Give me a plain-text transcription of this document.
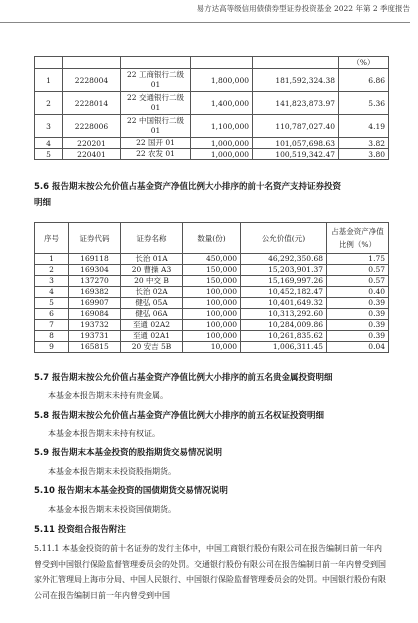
易方达高等级信用债债券型证券投资基金 2022 年第 2 季度报告
					（%）
1	2228004	22 工商银行二级 01	1,800,000	181,592,324.38	6.86
2	2228014	22 交通银行二级 01	1,400,000	141,823,873.97	5.36
3	2228006	22 中国银行二级 01	1,100,000	110,787,027.40	4.19
4	220201	22 国开 01	1,000,000	101,057,698.63	3.82
5	220401	22 农发 01	1,000,000	100,519,342.47	3.80
5.6 报告期末按公允价值占基金资产净值比例大小排序的前十名资产支持证券投资
明细
序号	证券代码	证券名称	数量(份)	公允价值(元)	占基金资产净值比例（%）
1	169118	长治 01A	450,000	46,292,350.68	1.75
2	169304	20 曹操 A3	150,000	15,203,901.37	0.57
3	137270	20 中交 B	150,000	15,169,997.26	0.57
4	169382	长治 02A	100,000	10,452,182.47	0.40
5	169907	健弘 05A	100,000	10,401,649.32	0.39
6	169084	健弘 06A	100,000	10,313,292.60	0.39
7	193732	至通 02A2	100,000	10,284,009.86	0.39
8	193731	至通 02A1	100,000	10,261,835.62	0.39
9	165815	20 安吉 5B	10,000	1,006,311.45	0.04
5.7 报告期末按公允价值占基金资产净值比例大小排序的前五名贵金属投资明细
本基金本报告期末未持有贵金属。
5.8 报告期末按公允价值占基金资产净值比例大小排序的前五名权证投资明细
本基金本报告期末未持有权证。
5.9 报告期末本基金投资的股指期货交易情况说明
本基金本报告期末未投资股指期货。
5.10 报告期末本基金投资的国债期货交易情况说明
本基金本报告期末未投资国债期货。
5.11 投资组合报告附注
5.11.1 本基金投资的前十名证券的发行主体中，中国工商银行股份有限公司在报告编制日前一年内曾受到中国银行保险监督管理委员会的处罚。交通银行股份有限公司在报告编制日前一年内曾受到国家外汇管理局上海市分局、中国人民银行、中国银行保险监督管理委员会的处罚。中国银行股份有限公司在报告编制日前一年内曾受到中国
